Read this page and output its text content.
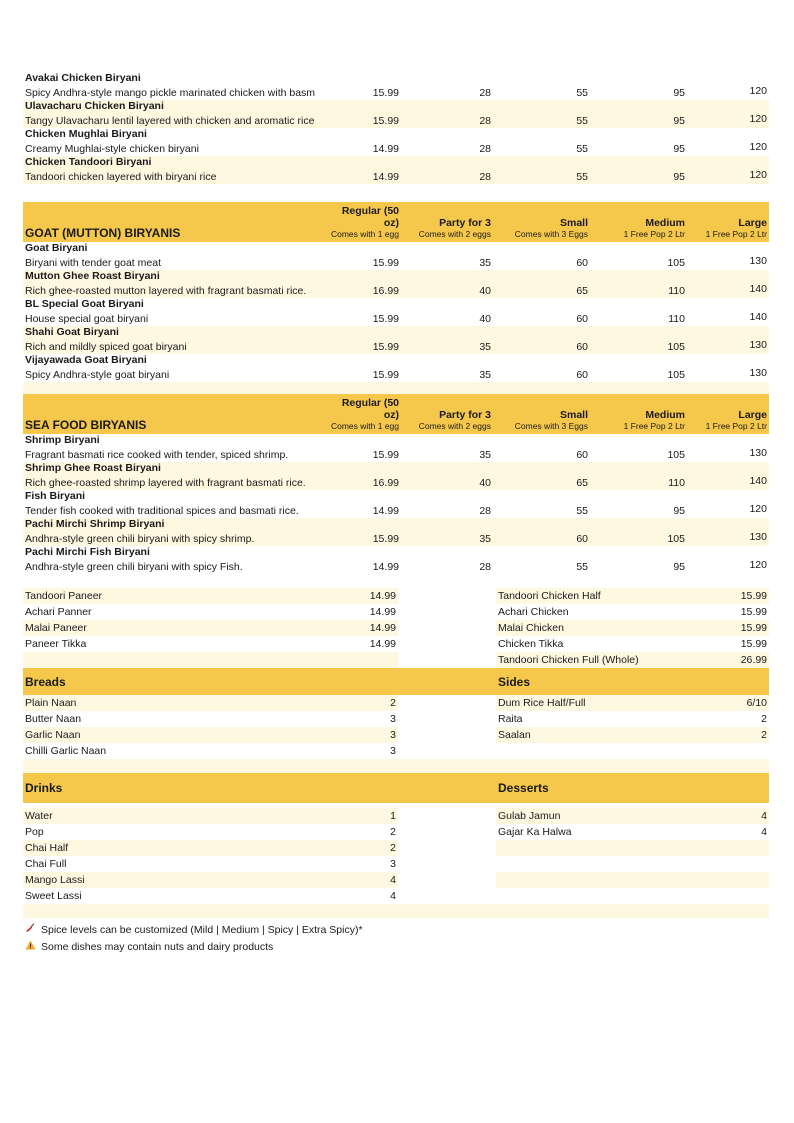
Avakai Chicken Biryani					
Spicy Andhra-style mango pickle marinated chicken with basm	15.99	28	55	95	120
Ulavacharu Chicken Biryani					
Tangy Ulavacharu lentil layered with chicken and aromatic rice	15.99	28	55	95	120
Chicken Mughlai Biryani					
Creamy Mughlai-style chicken biryani	14.99	28	55	95	120
Chicken Tandoori Biryani					
Tandoori chicken layered with biryani rice	14.99	28	55	95	120
GOAT (MUTTON) BIRYANIS	Regular (50 oz)	Party for 3	Small	Medium	Large
	Comes with 1 egg	Comes with 2 eggs	Comes with 3 Eggs	1 Free Pop 2 Ltr	1 Free Pop 2 Ltr
Goat Biryani					
Biryani with tender goat meat	15.99	35	60	105	130
Mutton Ghee Roast Biryani					
Rich ghee-roasted mutton layered with fragrant basmati rice.	16.99	40	65	110	140
BL Special Goat Biryani					
House special goat biryani	15.99	40	60	110	140
Shahi Goat Biryani					
Rich and mildly spiced goat biryani	15.99	35	60	105	130
Vijayawada Goat Biryani					
Spicy Andhra-style goat biryani	15.99	35	60	105	130
SEA FOOD BIRYANIS	Regular (50 oz)	Party for 3	Small	Medium	Large
	Comes with 1 egg	Comes with 2 eggs	Comes with 3 Eggs	1 Free Pop 2 Ltr	1 Free Pop 2 Ltr
Shrimp Biryani					
Fragrant basmati rice cooked with tender, spiced shrimp.	15.99	35	60	105	130
Shrimp Ghee Roast Biryani					
Rich ghee-roasted shrimp layered with fragrant basmati rice.	16.99	40	65	110	140
Fish Biryani					
Tender fish cooked with traditional spices and basmati rice.	14.99	28	55	95	120
Pachi Mirchi Shrimp Biryani					
Andhra-style green chili biryani with spicy shrimp.	15.99	35	60	105	130
Pachi Mirchi Fish Biryani					
Andhra-style green chili biryani with spicy Fish.	14.99	28	55	95	120
Tandoori Paneer	14.99
Achari Panner	14.99
Malai Paneer	14.99
Paneer Tikka	14.99
Tandoori Chicken Half	15.99
Achari Chicken	15.99
Malai Chicken	15.99
Chicken Tikka	15.99
Tandoori Chicken Full (Whole)	26.99
Breads	Sides
Plain Naan	2
Butter Naan	3
Garlic Naan	3
Chilli Garlic Naan	3
Dum Rice Half/Full	6/10
Raita	2
Saalan	2
Drinks	Desserts
Water	1
Pop	2
Chai Half	2
Chai Full	3
Mango Lassi	4
Sweet Lassi	4
Gulab Jamun	4
Gajar Ka Halwa	4
Spice levels can be customized (Mild | Medium | Spicy | Extra Spicy)*
Some dishes may contain nuts and dairy products
